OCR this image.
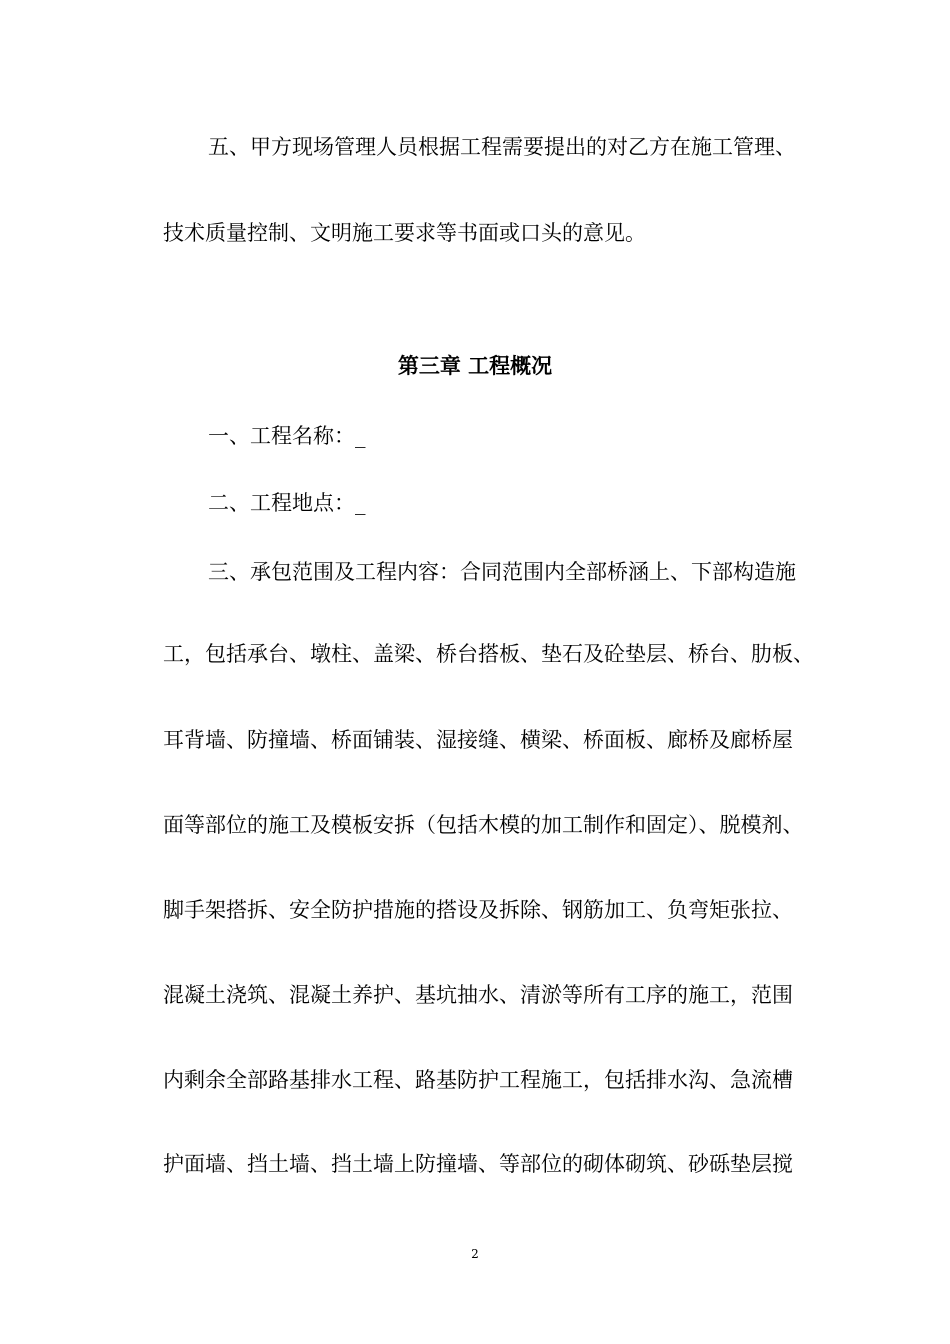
五、甲方现场管理人员根据工程需要提出的对乙方在施工管理、
技术质量控制、文明施工要求等书面或口头的意见。
第三章 工程概况
一、工程名称：_
二、工程地点：_
三、承包范围及工程内容：合同范围内全部桥涵上、下部构造施
工，包括承台、墩柱、盖梁、桥台搭板、垫石及砼垫层、桥台、肋板、
耳背墙、防撞墙、桥面铺装、湿接缝、横梁、桥面板、廊桥及廊桥屋
面等部位的施工及模板安拆（包括木模的加工制作和固定）、脱模剂、
脚手架搭拆、安全防护措施的搭设及拆除、钢筋加工、负弯矩张拉、
混凝土浇筑、混凝土养护、基坑抽水、清淤等所有工序的施工，范围
内剩余全部路基排水工程、路基防护工程施工，包括排水沟、急流槽
护面墙、挡土墙、挡土墙上防撞墙、等部位的砌体砌筑、砂砾垫层搅
2
